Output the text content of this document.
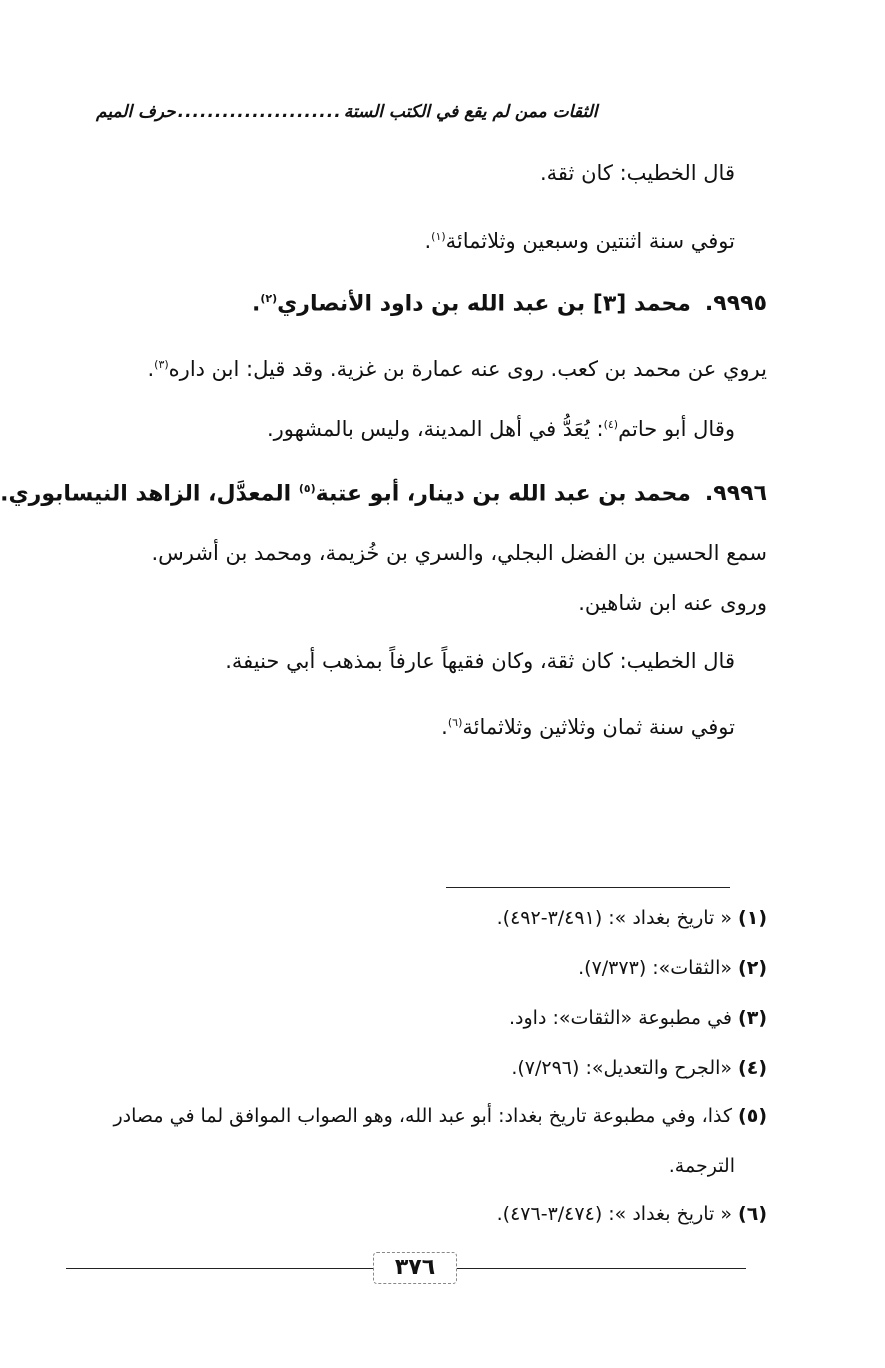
حرف الميم ...................... الثقات ممن لم يقع في الكتب الستة
قال الخطيب: كان ثقة.
توفي سنة اثنتين وسبعين وثلاثمائة$^{(١)}$.
٩٩٩٥.محمد [٣] بن عبد الله بن داود الأنصاري$^{(٢)}$.
يروي عن محمد بن كعب. روى عنه عمارة بن غزية. وقد قيل: ابن داره$^{(٣)}$.
وقال أبو حاتم$^{(٤)}$: يُعَدُّ في أهل المدينة، وليس بالمشهور.
٩٩٩٦.محمد بن عبد الله بن دينار، أبو عتبة$^{(٥)}$ المعدَّل، الزاهد النيسابوري.
سمع الحسين بن الفضل البجلي، والسري بن خُزيمة، ومحمد بن أشرس.
وروى عنه ابن شاهين.
قال الخطيب: كان ثقة، وكان فقيهاً عارفاً بمذهب أبي حنيفة.
توفي سنة ثمان وثلاثين وثلاثمائة$^{(٦)}$.
(١)« تاريخ بغداد »: (٣/٤٩١-٤٩٢).
(٢)«الثقات»: (٧/٣٧٣).
(٣)في مطبوعة «الثقات»: داود.
(٤)«الجرح والتعديل»: (٧/٢٩٦).
(٥)كذا، وفي مطبوعة تاريخ بغداد: أبو عبد الله، وهو الصواب الموافق لما في مصادر
الترجمة.
(٦)« تاريخ بغداد »: (٣/٤٧٤-٤٧٦).
٣٧٦
